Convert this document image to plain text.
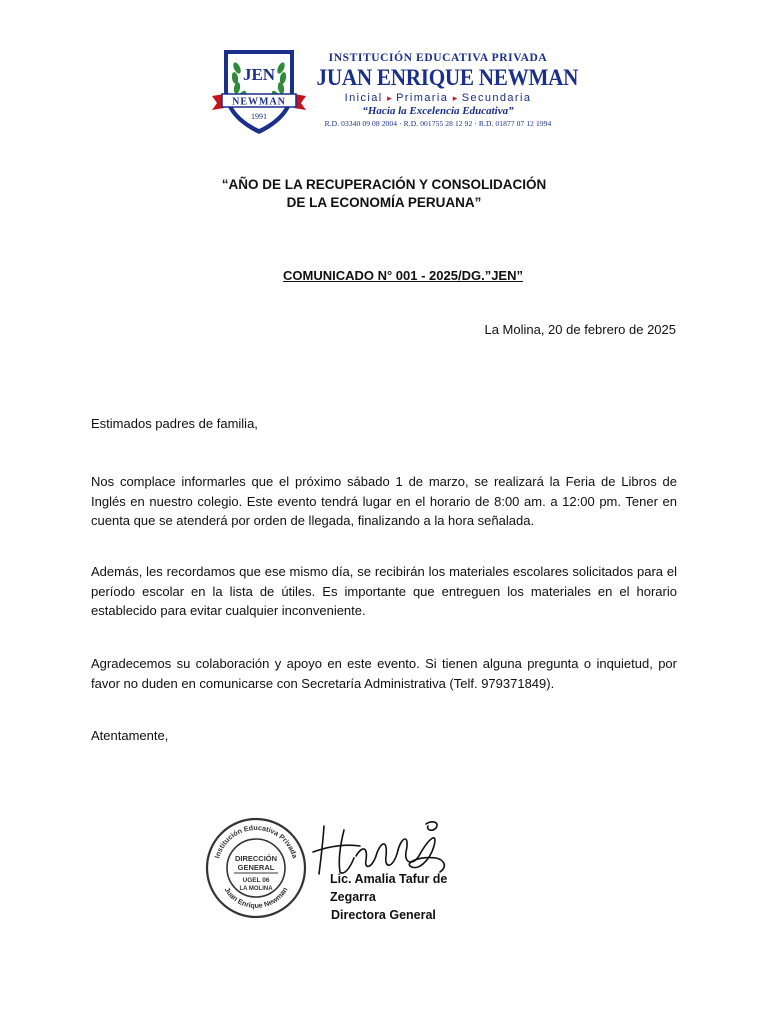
JEN
NEWMAN
1991
INSTITUCIÓN EDUCATIVA PRIVADA
JUAN ENRIQUE NEWMAN
Inicial ▸ Primaria ▸ Secundaria
“Hacia la Excelencia Educativa”
R.D. 03340 09 08 2004 · R.D. 001755 28 12 92 · R.D. 01877 07 12 1994
“AÑO DE LA RECUPERACIÓN Y CONSOLIDACIÓN
DE LA ECONOMÍA PERUANA”
COMUNICADO N° 001 - 2025/DG.”JEN”
La Molina, 20 de febrero de 2025
Estimados padres de familia,
Nos complace informarles que el próximo sábado 1 de marzo, se realizará la Feria de Libros de Inglés en nuestro colegio. Este evento tendrá lugar en el horario de 8:00 am. a 12:00 pm. Tener en cuenta que se atenderá por orden de llegada, finalizando a la hora señalada.
Además, les recordamos que ese mismo día, se recibirán los materiales escolares solicitados para el período escolar en la lista de útiles. Es importante que entreguen los materiales en el horario establecido para evitar cualquier inconveniente.
Agradecemos su colaboración y apoyo en este evento. Si tienen alguna pregunta o inquietud, por favor no duden en comunicarse con Secretaría Administrativa (Telf. 979371849).
Atentamente,
Institución Educativa Privada
Juan Enrique Newman
DIRECCIÓN
GENERAL
UGEL 06
LA MOLINA
Lic. Amalia Tafur de Zegarra
Directora General
